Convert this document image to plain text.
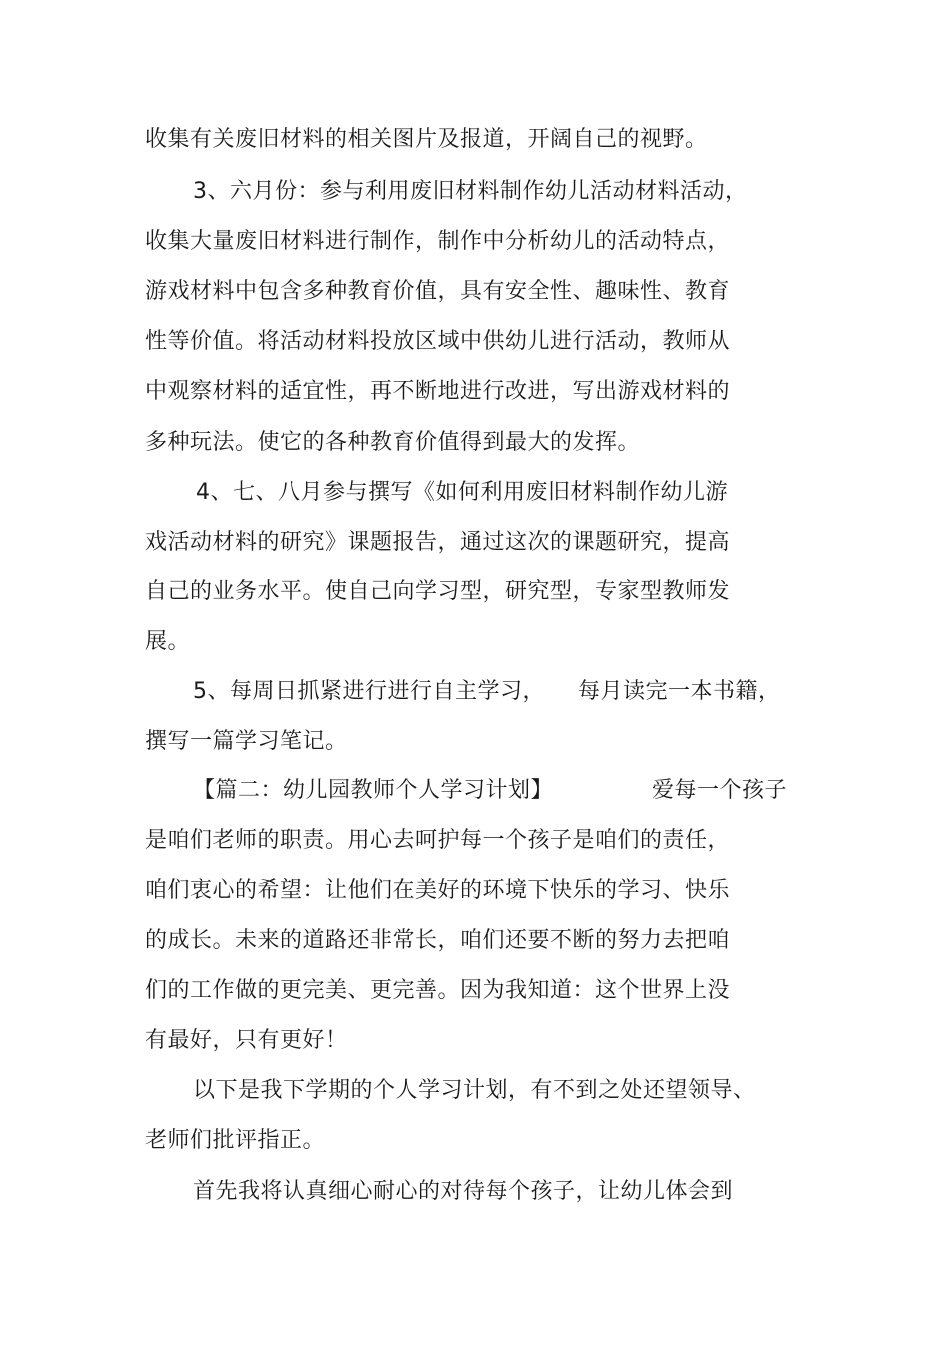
收集有关废旧材料的相关图片及报道，开阔自己的视野。
3、六月份：参与利用废旧材料制作幼儿活动材料活动，
收集大量废旧材料进行制作，制作中分析幼儿的活动特点，
游戏材料中包含多种教育价值，具有安全性、趣味性、教育
性等价值。将活动材料投放区域中供幼儿进行活动，教师从
中观察材料的适宜性，再不断地进行改进，写出游戏材料的
多种玩法。使它的各种教育价值得到最大的发挥。
4、七、八月参与撰写《如何利用废旧材料制作幼儿游
戏活动材料的研究》课题报告，通过这次的课题研究，提高
自己的业务水平。使自己向学习型，研究型，专家型教师发
展。
5、每周日抓紧进行进行自主学习， 每月读完一本书籍，
撰写一篇学习笔记。
【篇二：幼儿园教师个人学习计划】	爱每一个孩子
是咱们老师的职责。用心去呵护每一个孩子是咱们的责任，
咱们衷心的希望：让他们在美好的环境下快乐的学习、快乐
的成长。未来的道路还非常长，咱们还要不断的努力去把咱
们的工作做的更完美、更完善。因为我知道：这个世界上没
有最好，只有更好！
以下是我下学期的个人学习计划，有不到之处还望领导、
老师们批评指正。
首先我将认真细心耐心的对待每个孩子，让幼儿体会到
